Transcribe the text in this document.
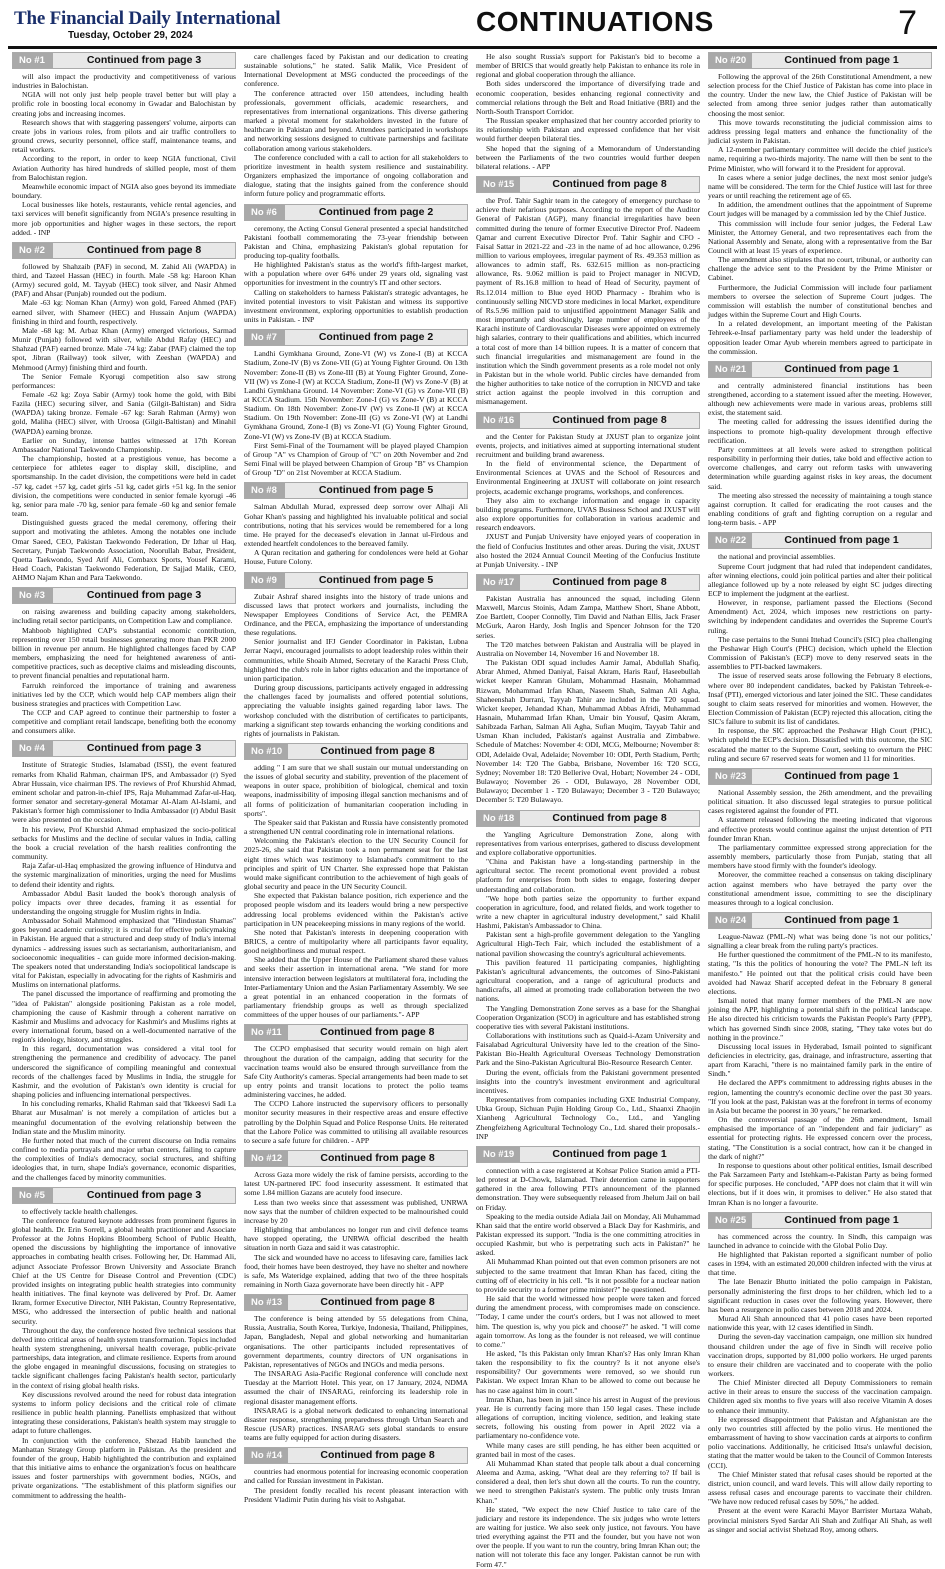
The Financial Daily International
Tuesday, October 29, 2024	CONTINUATIONS	7
No #1	Continued from page 3

will also impact the productivity and competitiveness of various industries in Balochistan.

NGIA will not only just help people travel better but will play a prolific role in boosting local economy in Gwadar and Balochistan by creating jobs and increasing incomes.

Research shows that with staggering passengers' volume, airports can create jobs in various roles, from pilots and air traffic controllers to ground crews, security personnel, office staff, maintenance teams, and retail workers.

According to the report, in order to keep NGIA functional, Civil Aviation Authority has hired hundreds of skilled people, most of them from Balochistan region.

Meanwhile economic impact of NGIA also goes beyond its immediate boundary.

Local businesses like hotels, restaurants, vehicle rental agencies, and taxi services will benefit significantly from NGIA's presence resulting in more job opportunities and higher wages in these sectors, the report added. - INP

No #2	Continued from page 8

followed by Shahzaib (PAF) in second, M. Zahid Ali (WAPDA) in third, and Tazeel Hassan (HEC) in fourth. Male -58 kg: Haroon Khan (Army) secured gold, M. Tayyab (HEC) took silver, and Nasir Ahmed (PAF) and Ahsar (Punjab) rounded out the podium.

Male -63 kg: Noman Khan (Army) won gold, Fareed Ahmed (PAF) earned silver, with Shameer (HEC) and Hussain Anjum (WAPDA) finishing in third and fourth, respectively.

Male -68 kg: M. Arbaz Khan (Army) emerged victorious, Sarmad Munir (Punjab) followed with silver, while Abdul Rafay (HEC) and Shahzad (PAF) earned bronze. Male -74 kg: Zabar (PAF) claimed the top spot, Jibran (Railway) took silver, with Zeeshan (WAPDA) and Mehmood (Army) finishing third and fourth.

The Senior Female Kyorugi competition also saw strong performances:

Female -62 kg: Zoya Sabir (Army) took home the gold, with Bibi Fazila (HEC) securing silver, and Sania (Gilgit-Baltistan) and Sidra (WAPDA) taking bronze. Female -67 kg: Sarah Rahman (Army) won gold, Maliha (HEC) silver, with Uroosa (Gilgit-Baltistan) and Minahil (WAPDA) earning bronze.

Earlier on Sunday, intense battles witnessed at 17th Korean Ambassador National Taekwondo Championship.

The championship, hosted at a prestigious venue, has become a centerpiece for athletes eager to display skill, discipline, and sportsmanship. In the cadet division, the competitions were held in cadet -57 kg, cadet +57 kg, cadet girls -51 kg, cadet girls +51 kg. In the senior division, the competitions were conducted in senior female kyorugi -46 kg, senior para male -70 kg, senior para female -60 kg and senior female team.

Distinguished guests graced the medal ceremony, offering their support and motivating the athletes. Among the notables one include Omar Saeed, CEO, Pakistan Taekwondo Federation, Dr Izhar ul Haq, Secretary, Punjab Taekwondo Association, Noorullah Babar, President, Quetta Taekwondo, Syed Arif Ali, Combaxx Sports, Yousef Karami, Head Coach, Pakistan Taekwondo Federation, Dr Sajjad Malik, CEO, AHMO Najam Khan and Para Taekwondo.

No #3	Continued from page 3

on raising awareness and building capacity among stakeholders, including retail sector participants, on Competition Law and compliance.

Mahboob highlighted CAP's substantial economic contribution, representing over 150 retail businesses generating more than PKR 2000 billion in revenue per annum. He highlighted challenges faced by CAP members, emphasizing the need for heightened awareness of anti-competitive practices, such as deceptive claims and misleading discounts, to prevent financial penalties and reputational harm.

Farrukh reinforced the importance of training and awareness initiatives led by the CCP, which would help CAP members align their business strategies and practices with Competition Law.

The CCP and CAP agreed to continue their partnership to foster a competitive and compliant retail landscape, benefiting both the economy and consumers alike.

No #4	Continued from page 3

Institute of Strategic Studies, Islamabad (ISSI), the event featured remarks from Khalid Rahman, chairman IPS, and Ambassador (r) Syed Abrar Hussain, vice chairman IPS. The reviews of Prof Khurshid Ahmad, eminent scholar and patron-in-chief IPS, Raja Muhammad Zafar-ul-Haq, former senator and secretary-general Motamar Al-Alam Al-Islami, and Pakistan's former high commissioner to India Ambassador (r) Abdul Basit were also presented on the occasion.

In his review, Prof Khurshid Ahmad emphasized the socio-political setbacks for Muslims and the decline of secular values in India, calling the book a crucial revelation of the harsh realities confronting the community.

Raja Zafar-ul-Haq emphasized the growing influence of Hindutva and the systemic marginalization of minorities, urging the need for Muslims to defend their identity and rights.

Ambassador Abdul Basit lauded the book's thorough analysis of policy impacts over three decades, framing it as essential for understanding the ongoing struggle for Muslim rights in India.

Ambassador Sohail Mahmood emphasized that "Hindustan Shamas" goes beyond academic curiosity; it is crucial for effective policymaking in Pakistan. He argued that a structured and deep study of India's internal dynamics - addressing issues such as sectarianism, authoritarianism, and socioeconomic inequalities - can guide more informed decision-making. The speakers noted that understanding India's sociopolitical landscape is vital for Pakistan, especially in advocating for the rights of Kashmiris and Muslims on international platforms.

The panel discussed the importance of reaffirming and promoting the "idea of Pakistan" alongside positioning Pakistan as a role model, championing the cause of Kashmir through a coherent narrative on Kashmir and Muslims and advocacy for Kashmir's and Muslims rights at every international forum, based on a well-documented narrative of the region's ideology, history, and struggles.

In this regard, documentation was considered a vital tool for strengthening the permanence and credibility of advocacy. The panel underscored the significance of compiling meaningful and contextual records of the challenges faced by Muslims in India, the struggle for Kashmir, and the evolution of Pakistan's own identity is crucial for shaping policies and influencing international perspectives.

In his concluding remarks, Khalid Rahman said that 'Ikkeesvi Sadi La Bharat aur Musalman' is not merely a compilation of articles but a meaningful documentation of the evolving relationship between the Indian state and the Muslim minority.

He further noted that much of the current discourse on India remains confined to media portrayals and major urban centers, failing to capture the complexities of India's democracy, social structures, and shifting ideologies that, in turn, shape India's governance, economic disparities, and the challenges faced by minority communities.

No #5	Continued from page 3

to effectively tackle health challenges.

The conference featured keynote addresses from prominent figures in global health. Dr. Erin Sorrell, a global health practitioner and Associate Professor at the Johns Hopkins Bloomberg School of Public Health, opened the discussions by highlighting the importance of innovative approaches in combating health crises. Following her, Dr. Hammad Ali, adjunct Associate Professor Brown University and Associate Branch Chief at the US Centre for Disease Control and Prevention (CDC) provided insights on integrating public health strategies into community health initiatives. The final keynote was delivered by Prof. Dr. Aamer Ikram, former Executive Director, NIH Pakistan, Country Representative, MSG, who addressed the intersection of public health and national security.

Throughout the day, the conference hosted five technical sessions that delved into critical areas of health system transformation. Topics included health system strengthening, universal health coverage, public-private partnerships, data integration, and climate resilience. Experts from around the globe engaged in meaningful discussions, focusing on strategies to tackle significant challenges facing Pakistan's health sector, particularly in the context of rising global health risks.

Key discussions revolved around the need for robust data integration systems to inform policy decisions and the critical role of climate resilience in public health planning. Panellists emphasized that without integrating these considerations, Pakistan's health system may struggle to adapt to future challenges.

In conjunction with the conference, Shezad Habib launched the Manhattan Strategy Group platform in Pakistan. As the president and founder of the group, Habib highlighted the contribution and explained that this initiative aims to enhance the organization's focus on healthcare issues and foster partnerships with government bodies, NGOs, and private organizations. "The establishment of this platform signifies our commitment to addressing the health-

care challenges faced by Pakistan and our dedication to creating sustainable solutions," he stated. Salik Malik, Vice President of International Development at MSG conducted the proceedings of the conference.

The conference attracted over 150 attendees, including health professionals, government officials, academic researchers, and representatives from international organizations. This diverse gathering marked a pivotal moment for stakeholders invested in the future of healthcare in Pakistan and beyond. Attendees participated in workshops and networking sessions designed to cultivate partnerships and facilitate collaboration among various stakeholders.

The conference concluded with a call to action for all stakeholders to prioritize investment in health system resilience and sustainability. Organizers emphasized the importance of ongoing collaboration and dialogue, stating that the insights gained from the conference should inform future policy and programmatic efforts.

No #6	Continued from page 2

ceremony, the Acting Consul General presented a special handstitched Pakistani football commemorating the 73-year friendship between Pakistan and China, emphasizing Pakistan's global reputation for producing top-quality footballs.

He highlighted Pakistan's status as the world's fifth-largest market, with a population where over 64% under 29 years old, signaling vast opportunities for investment in the country's IT and other sectors.

Calling on stakeholders to harness Pakistan's strategic advantages, he invited potential investors to visit Pakistan and witness its supportive investment environment, exploring opportunities to establish production units in Pakistan. - INP

No #7	Continued from page 2

Landhi Gymkhana Ground, Zone-VI (W) vs Zone-I (B) at KCCA Stadium, Zone-IV (B) vs Zone-VII (G) at Young Fighter Ground. On 13th November: Zone-II (B) vs Zone-III (B) at Young Fighter Ground, Zone-VII (W) vs Zone-I (W) at KCCA Stadium, Zone-II (W) vs Zone-V (B) at Landhi Gymkhana Ground. 14 November: Zone-VI (G) vs Zone-VII (B) at KCCA Stadium. 15th November: Zone-I (G) vs Zone-V (B) at KCCA Stadium. On 18th November: Zone-IV (W) vs Zone-II (W) at KCCA Stadium. On 19th November: Zone-III (G) vs Zone-VI (W) at Landhi Gymkhana Ground, Zone-I (B) vs Zone-VI (G) Young Fighter Ground, Zone-VI (W) vs Zone-IV (B) at KCCA Stadium.

First Semi-Final of the Tournament will be played played Champion of Group "A" vs Champion of Group of "C" on 20th November and 2nd Semi Final will be played between Champion of Group "B" vs Champion of Group "D" on 21st November at KCCA Stadium.

No #8	Continued from page 5

Salman Abdullah Murad, expressed deep sorrow over Alhaji Ali Gohar Khan's passing and highlighted his invaluable political and social contributions, noting that his services would be remembered for a long time. He prayed for the deceased's elevation in Jannat ul-Firdous and extended heartfelt condolences to the bereaved family.

A Quran recitation and gathering for condolences were held at Gohar House, Future Colony.

No #9	Continued from page 5

Zubair Ashraf shared insights into the history of trade unions and discussed laws that protect workers and journalists, including the Newspaper Employees Conditions of Service Act, the PEMRA Ordinance, and the PECA, emphasizing the importance of understanding these regulations.

Senior journalist and IFJ Gender Coordinator in Pakistan, Lubna Jerrar Naqvi, encouraged journalists to adopt leadership roles within their communities, while Shoaib Ahmed, Secretary of the Karachi Press Club, highlighted the club's role in labor rights education and the importance of union participation.

During group discussions, participants actively engaged in addressing the challenges faced by journalists and offered potential solutions, appreciating the valuable insights gained regarding labor laws. The workshop concluded with the distribution of certificates to participants, marking a significant step towards enhancing the working conditions and rights of journalists in Pakistan.

No #10	Continued from page 8

adding " I am sure that we shall sustain our mutual understanding on the issues of global security and stability, prevention of the placement of weapons in outer space, prohibition of biological, chemical and toxin weapons, inadmissibility of imposing illegal sanction mechanisms and of all forms of politicization of humanitarian cooperation including in sports".

The Speaker said that Pakistan and Russia have consistently promoted a strengthened UN central coordinating role in international relations.

Welcoming the Pakistan's election to the UN Security Council for 2025-26, she said that Pakistan took a non permanent seat for the last eight times which was testimony to Islamabad's commitment to the principles and spirit of UN Charter. She expressed hope that Pakistan would make significant contribution to the achievement of high goals of global security and peace in the UN Security Council.

She expected that Pakistan balance position, rich experience and the proposed people wisdom and its leaders would bring a new perspective addressing local problems evidenced within the Pakistan's active participation in UN peacekeeping missions in many regions of the world.

She noted that Pakistan's interests in deepening cooperation with BRICS, a centre of multipolarity where all participants favor equality, good neighborliness and mutual respect.

She added that the Upper House of the Parliament shared these values and seeks their assertion in international arena. "We stand for more intensive interaction between legislators at multilateral fora, including the Inter-Parliamentary Union and the Asian Parliamentary Assembly. We see a great potential in an enhanced cooperation in the formats of parliamentary friendship groups as well as through specialized committees of the upper houses of our parliaments."- APP

No #11	Continued from page 8

The CCPO emphasised that security would remain on high alert throughout the duration of the campaign, adding that security for the vaccination teams would also be ensured through surveillance from the Safe City Authority's cameras. Special arrangements had been made to set up entry points and transit locations to protect the polio teams administering vaccines, he added.

The CCPO Lahore instructed the supervisory officers to personally monitor security measures in their respective areas and ensure effective patrolling by the Dolphin Squad and Police Response Units. He reiterated that the Lahore Police was committed to utilising all available resources to secure a safe future for children. - APP

No #12	Continued from page 8

Across Gaza more widely the risk of famine persists, according to the latest UN-partnered IPC food insecurity assessment. It estimated that some 1.84 million Gazans are acutely food insecure.

Less than two weeks since that assessment was published, UNRWA now says that the number of children expected to be malnourished could increase by 20

Highlighting that ambulances no longer run and civil defence teams have stopped operating, the UNRWA official described the health situation in north Gaza and said it was catastrophic.

The sick and wounded have no access to lifesaving care, families lack food, their homes have been destroyed, they have no shelter and nowhere is safe, Ms Wateridge explained, adding that two of the three hospitals remaining in North Gaza governorate have been directly hit - APP

No #13	Continued from page 8

The conference is being attended by 55 delegations from China, Russia, Australia, South Korea, Turkiye, Indonesia, Thailand, Philippines, Japan, Bangladesh, Nepal and global networking and humanitarian organisations. The other participants included representatives of government departments, country directors of UN organisations in Pakistan, representatives of NGOs and INGOs and media persons.

The INSARAG Asia-Pacific Regional conference will conclude next Tuesday at the Marriott Hotel. This year, on 17 January, 2024, NDMA assumed the chair of INSARAG, reinforcing its leadership role in regional disaster management efforts.

INSARAG is a global network dedicated to enhancing international disaster response, strengthening preparedness through Urban Search and Rescue (USAR) practices. INSARAG sets global standards to ensure teams are fully equipped for action during disasters.

No #14	Continued from page 8

countries had enormous potential for increasing economic cooperation and called for Russian investment in Pakistan.

The president fondly recalled his recent pleasant interaction with President Vladimir Putin during his visit to Ashgabat.

He also sought Russia's support for Pakistan's bid to become a member of BRICS that would greatly help Pakistan to enhance its role in regional and global cooperation through the alliance.

Both sides underscored the importance of diversifying trade and economic cooperation, besides enhancing regional connectivity and commercial relations through the Belt and Road Initiative (BRI) and the North-South Transport Corridor.

The Russian speaker emphasized that her country accorded priority to its relationship with Pakistan and expressed confidence that her visit would further deepen bilateral ties.

She hoped that the signing of a Memorandum of Understanding between the Parliaments of the two countries would further deepen bilateral relations. - APP

No #15	Continued from page 8

the Prof. Tahir Saghir team in the category of emergency purchase to achieve their nefarious purposes. According to the report of the Auditor General of Pakistan (AGP), many financial irregularities have been committed during the tenure of former Executive Director Prof. Nadeem Qamar and current Executive Director Prof. Tahir Saghir and CFO - Faisal Sattar in 2021-22 and -23 in the name of ad hoc allowance, 0.296 million to various employees, irregular payment of Rs. 49.353 million as allowances to admin staff, Rs. 632.615 million as non-practicing allowance, Rs. 9.062 million is paid to Project manager in NICVD, payment of Rs.16.8 million to head of Head of Security, payment of Rs.12.014 million to Blue eyed HOD Pharmacy - Ibrahim who is continuously selling NICVD store medicines in local Market, expenditure of Rs.5.96 million paid to unjustified appointment Manager Salik and most importantly and shockingly, large number of employees of the Karachi institute of Cardiovascular Diseases were appointed on extremely high salaries, contrary to their qualifications and abilities, which incurred a total cost of more than 14 billion rupees. It is a matter of concern that such financial irregularities and mismanagement are found in the institution which the Sindh government presents as a role model not only in Pakistan but in the whole world. Public circles have demanded from the higher authorities to take notice of the corruption in NICVD and take strict action against the people involved in this corruption and mismanagement.

No #16	Continued from page 8

and the Center for Pakistan Study at JXUST plan to organize joint events, projects, and initiatives aimed at supporting international student recruitment and building brand awareness.

In the field of environmental science, the Department of Environmental Sciences at UVAS and the School of Resources and Environmental Engineering at JXUST will collaborate on joint research projects, academic exchange programs, workshops, and conferences.

They also aim to exchange information and engage in capacity building programs. Furthermore, UVAS Business School and JXUST will also explore opportunities for collaboration in various academic and research endeavors.

JXUST and Punjab University have enjoyed years of cooperation in the field of Confucius Institutes and other areas. During the visit, JXUST also hosted the 2024 Annual Council Meeting of the Confucius Institute at Punjab University. - INP

No #17	Continued from page 8

Pakistan Australia has announced the squad, including Glenn Maxwell, Marcus Stoinis, Adam Zampa, Matthew Short, Shane Abbott, Zoe Bartlett, Cooper Connolly, Tim David and Nathan Ellis, Jack Fraser McGurk, Aaron Hardy, Josh Inglis and Spencer Johnson for the T20 series.

The T20 matches between Pakistan and Australia will be played in Australia on November 14, November 16 and November 18.

The Pakistan ODI squad includes Aamir Jamal, Abdullah Shafiq, Abrar Ahmed, Ahmed Daniyal, Faisal Akram, Haris Rauf, Haseebullah wicket keeper Kamran Ghulam, Mohammad Hasnain, Mohammad Rizwan, Mohammad Irfan Khan, Naseem Shah, Salman Ali Agha, Shaheenshah Durrani, Tayyab Tahir are included in the T20 squad. Wicket keeper, Jehandad Khan, Muhammad Abbas Afridi, Muhammad Hasnain, Muhammad Irfan Khan, Umair bin Yousuf, Qasim Akram, Sahibzada Farhan, Salman Ali Agha, Sufian Muqim, Tayyab Tahir and Usman Khan included, Pakistan's against Australia and Zimbabwe. Schedule of Matches: November 4: ODI, MCG, Melbourne; November 8: ODI, Adelaide Oval, Adelaide; November 10: ODI, Perth Stadium, Perth; November 14: T20 The Gabba, Brisbane, November 16: T20 SCG, Sydney; November 18: T20 Bellerive Oval, Hobart; November 24 - ODI, Bulawayo; November 26 - ODI, Bulawayo, 28 November ODI, Bulawayo; December 1 - T20 Bulawayo; December 3 - T20 Bulawayo; December 5: T20 Bulawayo.

No #18	Continued from page 8

the Yangling Agriculture Demonstration Zone, along with representatives from various enterprises, gathered to discuss development and explore collaborative opportunities.

"China and Pakistan have a long-standing partnership in the agricultural sector. The recent promotional event provided a robust platform for enterprises from both sides to engage, fostering deeper understanding and collaboration.

"We hope both parties seize the opportunity to further expand cooperation in agriculture, food, and related fields, and work together to write a new chapter in agricultural industry development," said Khalil Hashmi, Pakistan's Ambassador to China.

Pakistan sent a high-profile government delegation to the Yangling Agricultural High-Tech Fair, which included the establishment of a national pavilion showcasing the country's agricultural achievements.

This pavilion featured 11 participating companies, highlighting Pakistan's agricultural advancements, the outcomes of Sino-Pakistani agricultural cooperation, and a range of agricultural products and handicrafts, all aimed at promoting trade collaboration between the two nations.

The Yangling Demonstration Zone serves as a base for the Shanghai Cooperation Organization (SCO) in agriculture and has established strong cooperative ties with several Pakistani institutions.

Collaborations with institutions such as Quaid-i-Azam University and Faisalabad Agricultural University have led to the creation of the Sino-Pakistan Bio-Health Agricultural Overseas Technology Demonstration Park and the Sino-Pakistan Agricultural Bio-Resource Research Center.

During the event, officials from the Pakistani government presented insights into the country's investment environment and agricultural incentives.

Representatives from companies including GXE Industrial Company, Ubka Group, Sichuan Pujin Holding Group Co., Ltd., Shaanxi Zhaojin Xianheng Agricultural Technology Co., Ltd., and Yangling Zhengfeizheng Agricultural Technology Co., Ltd. shared their proposals.- INP

No #19	Continued from page 1

connection with a case registered at Kohsar Police Station amid a PTI-led protest at D-Chowk, Islamabad. Their detention came in supporters gathered in the area following PTI's announcement of the planned demonstration. They were subsequently released from Jhelum Jail on bail on Friday.

Speaking to the media outside Adiala Jail on Monday, Ali Muhammad Khan said that the entire world observed a Black Day for Kashmiris, and Pakistan expressed its support. "India is the one committing atrocities in occupied Kashmir, but who is perpetrating such acts in Pakistan?" he asked.

Ali Muhammad Khan pointed out that even common prisoners are not subjected to the same treatment that Imran Khan has faced, citing the cutting off of electricity in his cell. "Is it not possible for a nuclear nation to provide security to a former prime minister?" he questioned.

He said that the world witnessed how people were taken and forced during the amendment process, with compromises made on conscience. "Today, I came under the court's orders, but I was not allowed to meet him. The question is, why you pick and choose?" he asked. "I will come again tomorrow. As long as the founder is not released, we will continue to come."

He asked, "Is this Pakistan only Imran Khan's? Has only Imran Khan taken the responsibility to fix the country? Is it not anyone else's responsibility? Our governments were removed, so we should run Pakistan. We expect Imran Khan to be allowed to come out because he has no case against him in court."

Imran Khan, has been in jail since his arrest in August of the previous year. He is currently facing more than 150 legal cases. These include allegations of corruption, inciting violence, sedition, and leaking state secrets, following his ousting from power in April 2022 via a parliamentary no-confidence vote.

While many cases are still pending, he has either been acquitted or granted bail in most of the cases.

Ali Muhammad Khan stated that people talk about a dual concerning Aleema and Azma, asking, "What deal are they referring to? If bail is considered a deal, then let's shut down all the courts. To run the country, we need to strengthen Pakistan's system. The public only trusts Imran Khan."

He stated, "We expect the new Chief Justice to take care of the judiciary and restore its independence. The six judges who wrote letters are waiting for justice. We also seek only justice, not favours. You have tried everything against the PTI and the founder, but you have not won over the people. If you want to run the country, bring Imran Khan out; the nation will not tolerate this face any longer. Pakistan cannot be run with Form 47."

No #20	Continued from page 1

Following the approval of the 26th Constitutional Amendment, a new selection process for the Chief Justice of Pakistan has come into place in the country. Under the new law, the Chief Justice of Pakistan will be selected from among three senior judges rather than automatically choosing the most senior.

This move towards reconstituting the judicial commission aims to address pressing legal matters and enhance the functionality of the judicial system in Pakistan.

A 12-member parliamentary committee will decide the chief justice's name, requiring a two-thirds majority. The name will then be sent to the Prime Minister, who will forward it to the President for approval.

In cases where a senior judge declines, the next most senior judge's name will be considered. The term for the Chief Justice will last for three years or until reaching the retirement age of 65.

In addition, the amendment outlines that the appointment of Supreme Court judges will be managed by a commission led by the Chief Justice.

This commission will include four senior judges, the Federal Law Minister, the Attorney General, and two representatives each from the National Assembly and Senate, along with a representative from the Bar Council with at least 15 years of experience.

The amendment also stipulates that no court, tribunal, or authority can challenge the advice sent to the President by the Prime Minister or Cabinet.

Furthermore, the Judicial Commission will include four parliament members to oversee the selection of Supreme Court judges. The commission will establish the number of constitutional benches and judges within the Supreme Court and High Courts.

In a related development, an important meeting of the Pakistan Tehreek-e-Insaf parliamentary party was held under the leadership of opposition leader Omar Ayub wherein members agreed to participate in the commission.

No #21	Continued from page 1

and centrally administered financial institutions has been strengthened, according to a statement issued after the meeting. However, although new achievements were made in various areas, problems still exist, the statement said.

The meeting called for addressing the issues identified during the inspections to promote high-quality development through effective rectification.

Party committees at all levels were asked to strengthen political responsibility in performing their duties, take bold and effective action to overcome challenges, and carry out reform tasks with unwavering determination while guarding against risks in key areas, the document said.

The meeting also stressed the necessity of maintaining a tough stance against corruption. It called for eradicating the root causes and the enabling conditions of graft and fighting corruption on a regular and long-term basis. - APP

No #22	Continued from page 1

the national and provincial assemblies.

Supreme Court judgment that had ruled that independent candidates, after winning elections, could join political parties and alter their political allegiance followed up by a note released by eight SC judges directing ECP to implement the judgment at the earliest.

However, in response, parliament passed the Elections (Second Amendment) Act, 2024, which imposes new restrictions on party-switching by independent candidates and overrides the Supreme Court's ruling.

The case pertains to the Sunni Ittehad Council's (SIC) plea challenging the Peshawar High Court's (PHC) decision, which upheld the Election Commission of Pakistan's (ECP) move to deny reserved seats in the assemblies to PTI-backed lawmakers.

The issue of reserved seats arose following the February 8 elections, where over 80 independent candidates, backed by Pakistan Tehreek-e-Insaf (PTI), emerged victorious and later joined the SIC. These candidates sought to claim seats reserved for minorities and women. However, the Election Commission of Pakistan (ECP) rejected this allocation, citing the SIC's failure to submit its list of candidates.

In response, the SIC approached the Peshawar High Court (PHC), which upheld the ECP's decision. Dissatisfied with this outcome, the SIC escalated the matter to the Supreme Court, seeking to overturn the PHC ruling and secure 67 reserved seats for women and 11 for minorities.

No #23	Continued from page 1

National Assembly session, the 26th amendment, and the prevailing political situation. It also discussed legal strategies to pursue political cases registered against the founder of PTI.

A statement released following the meeting indicated that vigorous and effective protests would continue against the unjust detention of PTI founder Imran Khan.

The parliamentary committee expressed strong appreciation for the assembly members, particularly those from Punjab, stating that all members have stood firmly with the founder's ideology.

Moreover, the committee reached a consensus on taking disciplinary action against members who have betrayed the party over the constitutional amendment issue, committing to see the disciplinary measures through to a logical conclusion.

No #24	Continued from page 1

League-Nawaz (PML-N) what was being done 'is not our politics,' signalling a clear break from the ruling party's practices.

He further questioned the commitment of the PML-N to its manifesto, stating, "Is this the politics of honouring the vote? The PML-N left its manifesto." He pointed out that the political crisis could have been avoided had Nawaz Sharif accepted defeat in the February 8 general elections.

Ismail noted that many former members of the PML-N are now joining the APP, highlighting a potential shift in the political landscape. He also directed his criticism towards the Pakistan People's Party (PPP), which has governed Sindh since 2008, stating, "They take votes but do nothing in the province."

Discussing local issues in Hyderabad, Ismail pointed to significant deficiencies in electricity, gas, drainage, and infrastructure, asserting that apart from Karachi, "there is no maintained family park in the entire of Sindh."

He declared the APP's commitment to addressing rights abuses in the region, lamenting the country's economic decline over the past 30 years. "If you look at the past, Pakistan was at the forefront in terms of economy in Asia but became the poorest in 30 years," he remarked.

On the controversial passage of the 26th amendment, Ismail emphasised the importance of an "independent and fair judiciary" as essential for protecting rights. He expressed concern over the process, stating, "The Constitution is a social contract, how can it be changed in the dark of night?"

In response to questions about other political entities, Ismail described the Pak Sarzameen Party and Istehkam-e-Pakistan Party as being formed for specific purposes. He concluded, "APP does not claim that it will win elections, but if it does win, it promises to deliver." He also stated that Imran Khan is no longer a favourite.

No #25	Continued from page 1

has commenced across the country. In Sindh, this campaign was launched in advance to coincide with the Global Polio Day.

He highlighted that Pakistan reported a significant number of polio cases in 1994, with an estimated 20,000 children infected with the virus at that time.

The late Benazir Bhutto initiated the polio campaign in Pakistan, personally administering the first drops to her children, which led to a significant reduction in cases over the following years. However, there has been a resurgence in polio cases between 2018 and 2024.

Murad Ali Shah announced that 41 polio cases have been reported nationwide this year, with 12 cases identified in Sindh.

During the seven-day vaccination campaign, one million six hundred thousand children under the age of five in Sindh will receive polio vaccination drops, supported by 81,000 polio workers. He urged parents to ensure their children are vaccinated and to cooperate with the polio workers.

The Chief Minister directed all Deputy Commissioners to remain active in their areas to ensure the success of the vaccination campaign. Children aged six months to five years will also receive Vitamin A doses to enhance their immunity.

He expressed disappointment that Pakistan and Afghanistan are the only two countries still affected by the polio virus. He mentioned the embarrassment of having to show vaccination cards at airports to confirm polio vaccinations. Additionally, he criticised Ittsa's unlawful decision, stating that the matter would be taken to the Council of Common Interests (CCI).

The Chief Minister stated that refusal cases should be reported at the district, union council, and ward levels. This will allow daily reporting to assess refusal cases and encourage parents to vaccinate their children. "We have now reduced refusal cases by 50%," he added.

Present at the event were Karachi Mayor Barrister Murtaza Wahab, provincial ministers Syed Sardar Ali Shah and Zulfiqar Ali Shah, as well as singer and social activist Shehzad Roy, among others.
